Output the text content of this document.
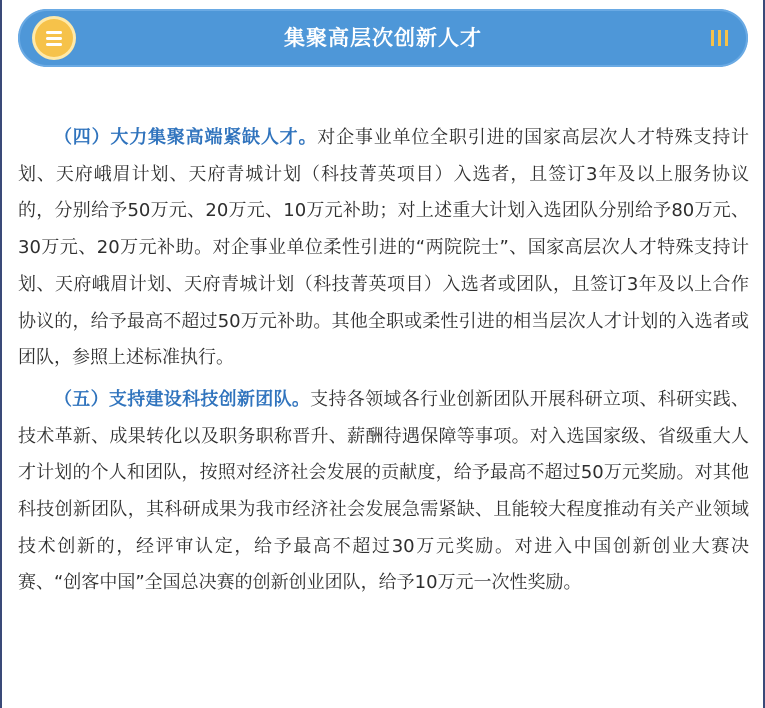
集聚高层次创新人才

（四）大力集聚高端紧缺人才。对企事业单位全职引进的国家高层次人才特殊支持计划、天府峨眉计划、天府青城计划（科技菁英项目）入选者，且签订3年及以上服务协议的，分别给予50万元、20万元、10万元补助；对上述重大计划入选团队分别给予80万元、30万元、20万元补助。对企事业单位柔性引进的“两院院士”、国家高层次人才特殊支持计划、天府峨眉计划、天府青城计划（科技菁英项目）入选者或团队，且签订3年及以上合作协议的，给予最高不超过50万元补助。其他全职或柔性引进的相当层次人才计划的入选者或团队，参照上述标准执行。

（五）支持建设科技创新团队。支持各领域各行业创新团队开展科研立项、科研实践、技术革新、成果转化以及职务职称晋升、薪酬待遇保障等事项。对入选国家级、省级重大人才计划的个人和团队，按照对经济社会发展的贡献度，给予最高不超过50万元奖励。对其他科技创新团队，其科研成果为我市经济社会发展急需紧缺、且能较大程度推动有关产业领域技术创新的，经评审认定，给予最高不超过30万元奖励。对进入中国创新创业大赛决赛、“创客中国”全国总决赛的创新创业团队，给予10万元一次性奖励。
